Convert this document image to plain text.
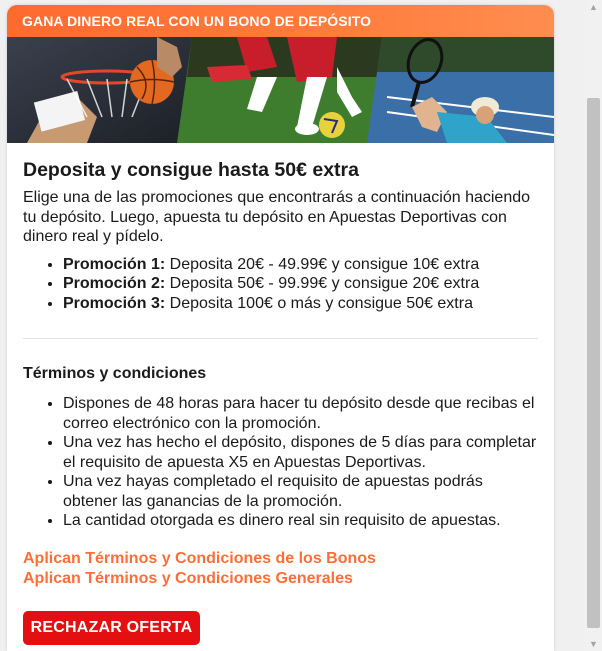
GANA DINERO REAL CON UN BONO DE DEPÓSITO
Deposita y consigue hasta 50€ extra

Elige una de las promociones que encontrarás a continuación haciendo tu depósito. Luego, apuesta tu depósito en Apuestas Deportivas con dinero real y pídelo.

• Promoción 1: Deposita 20€ - 49.99€ y consigue 10€ extra
• Promoción 2: Deposita 50€ - 99.99€ y consigue 20€ extra
• Promoción 3: Deposita 100€ o más y consigue 50€ extra
Términos y condiciones
• Dispones de 48 horas para hacer tu depósito desde que recibas el correo electrónico con la promoción.
• Una vez has hecho el depósito, dispones de 5 días para completar el requisito de apuesta X5 en Apuestas Deportivas.
• Una vez hayas completado el requisito de apuestas podrás obtener las ganancias de la promoción.
• La cantidad otorgada es dinero real sin requisito de apuestas.
Aplican Términos y Condiciones de los Bonos
Aplican Términos y Condiciones Generales
RECHAZAR OFERTA
▲
▼
